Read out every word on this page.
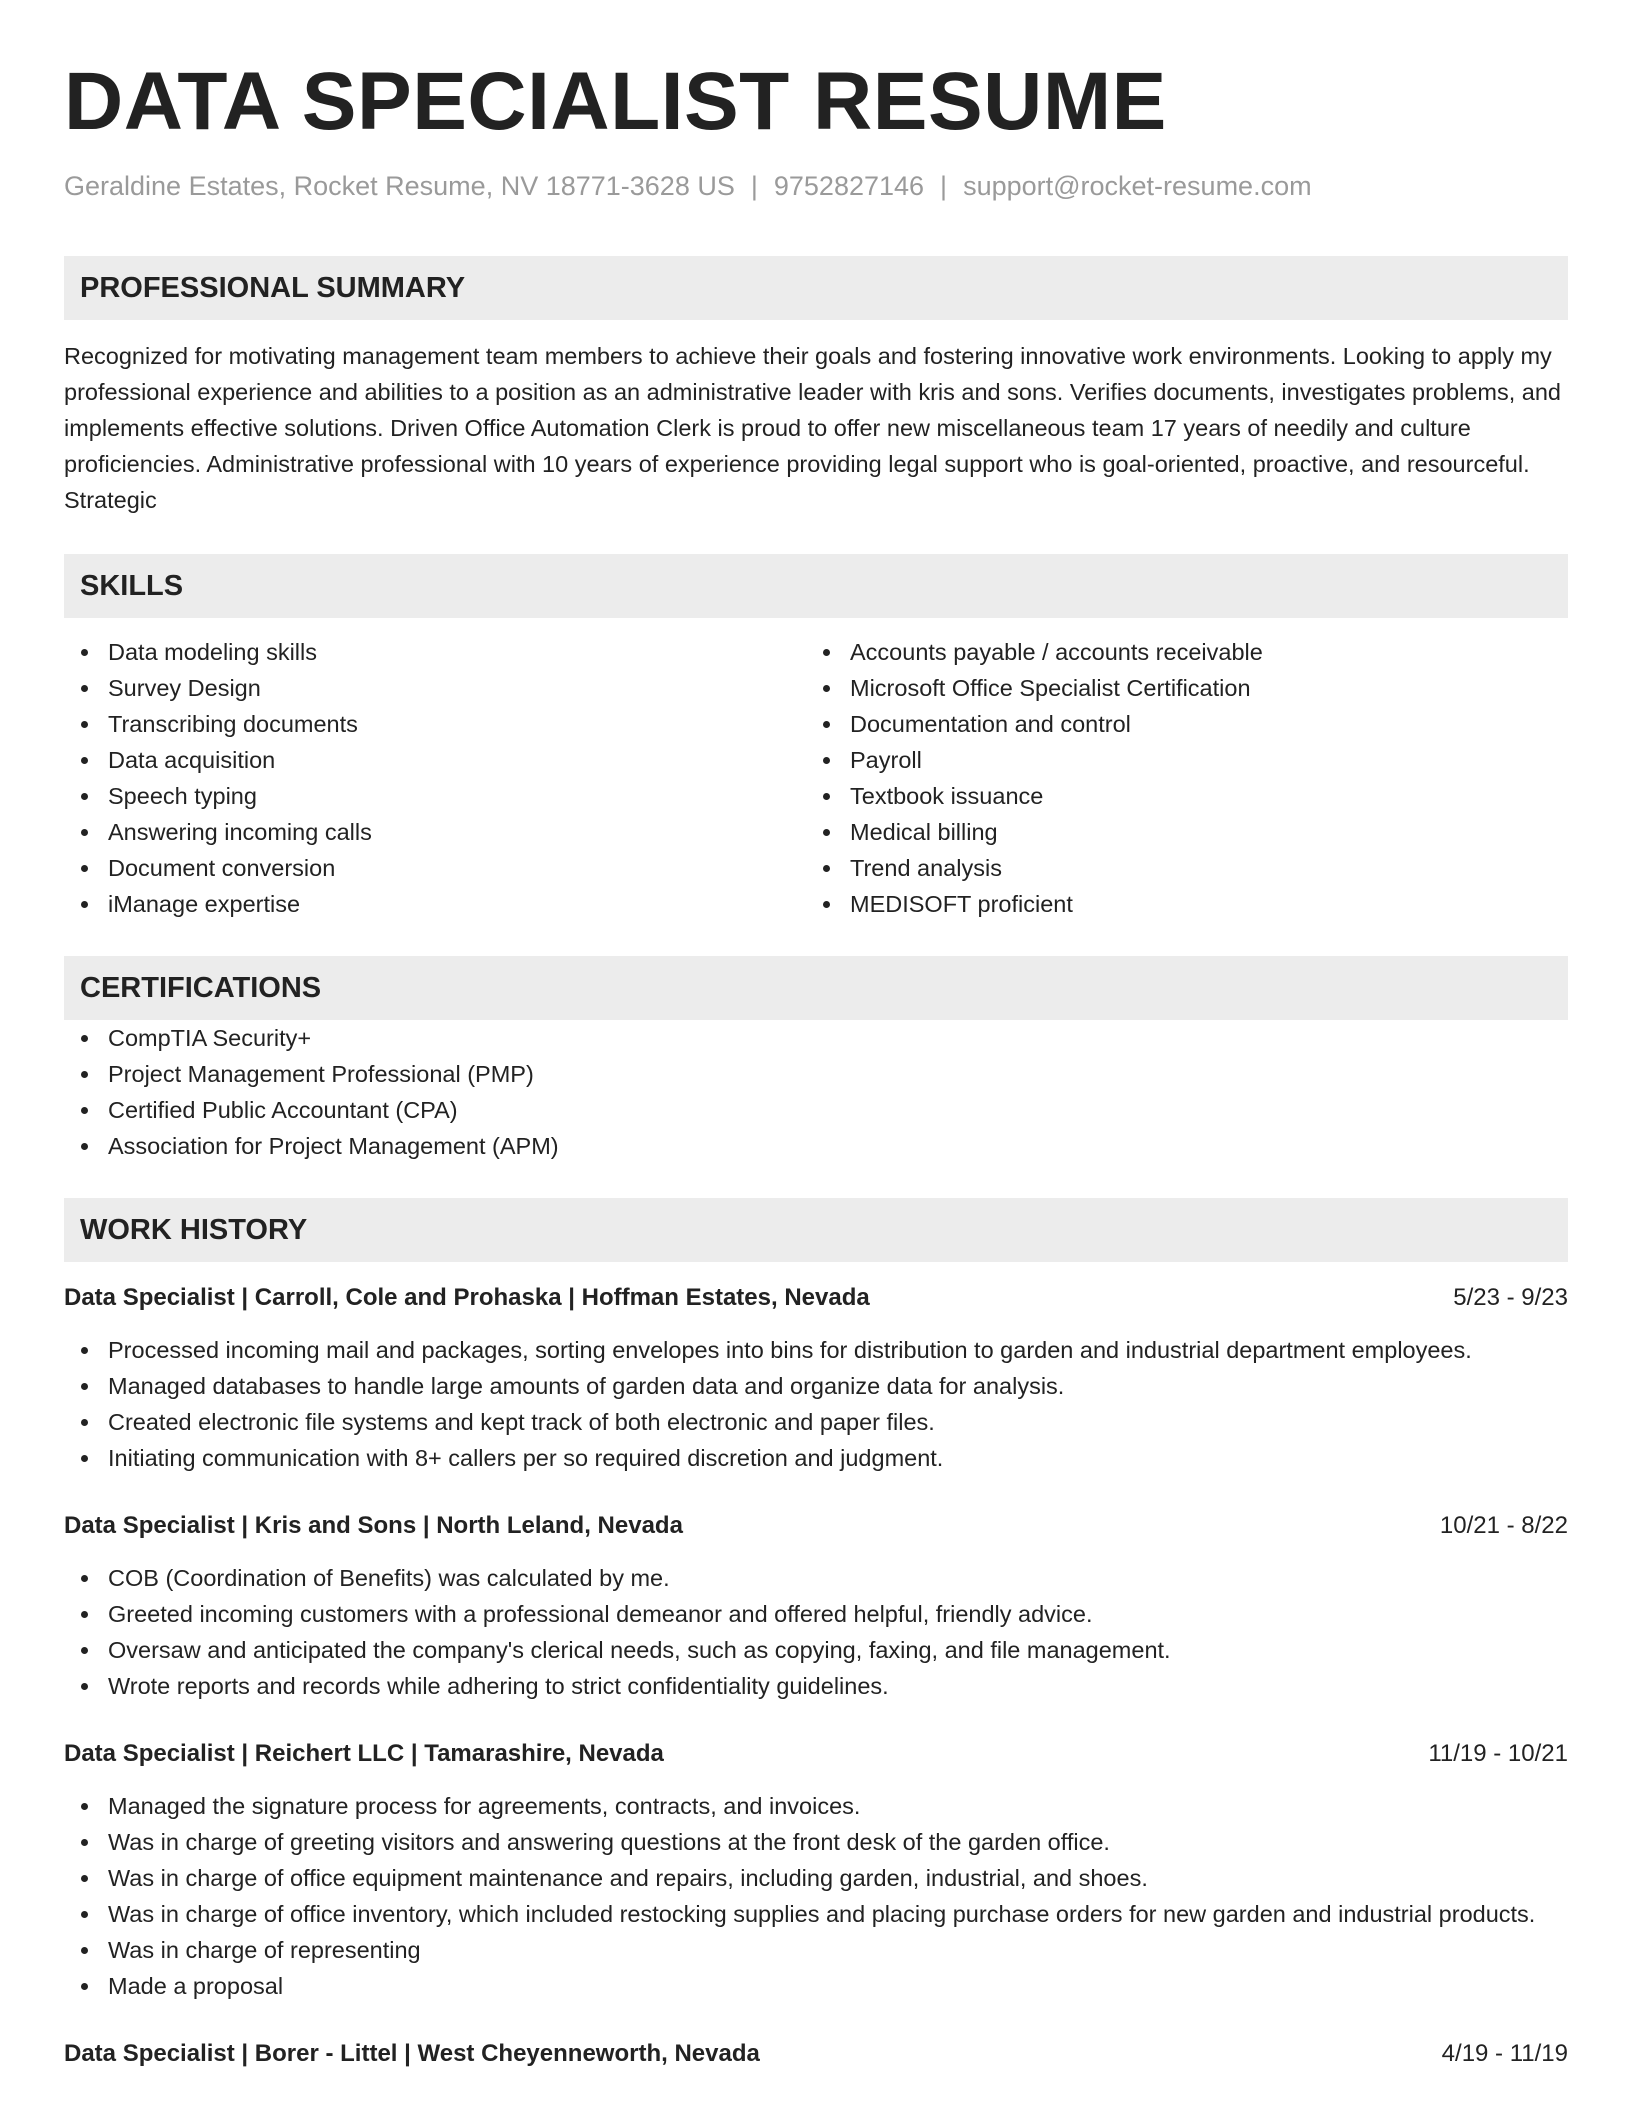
DATA SPECIALIST RESUME
Geraldine Estates, Rocket Resume, NV 18771-3628 US | 9752827146 | support@rocket-resume.com
PROFESSIONAL SUMMARY

Recognized for motivating management team members to achieve their goals and fostering innovative work environments. Looking to apply my professional experience and abilities to a position as an administrative leader with kris and sons. Verifies documents, investigates problems, and implements effective solutions. Driven Office Automation Clerk is proud to offer new miscellaneous team 17 years of needily and culture proficiencies. Administrative professional with 10 years of experience providing legal support who is goal-oriented, proactive, and resourceful. Strategic

SKILLS
Data modeling skills
Survey Design
Transcribing documents
Data acquisition
Speech typing
Answering incoming calls
Document conversion
iManage expertise
Accounts payable / accounts receivable
Microsoft Office Specialist Certification
Documentation and control
Payroll
Textbook issuance
Medical billing
Trend analysis
MEDISOFT proficient
CERTIFICATIONS
CompTIA Security+
Project Management Professional (PMP)
Certified Public Accountant (CPA)
Association for Project Management (APM)
WORK HISTORY
Data Specialist | Carroll, Cole and Prohaska | Hoffman Estates, Nevada	5/23 - 9/23
Processed incoming mail and packages, sorting envelopes into bins for distribution to garden and industrial department employees.
Managed databases to handle large amounts of garden data and organize data for analysis.
Created electronic file systems and kept track of both electronic and paper files.
Initiating communication with 8+ callers per so required discretion and judgment.
Data Specialist | Kris and Sons | North Leland, Nevada	10/21 - 8/22
COB (Coordination of Benefits) was calculated by me.
Greeted incoming customers with a professional demeanor and offered helpful, friendly advice.
Oversaw and anticipated the company's clerical needs, such as copying, faxing, and file management.
Wrote reports and records while adhering to strict confidentiality guidelines.
Data Specialist | Reichert LLC | Tamarashire, Nevada	11/19 - 10/21
Managed the signature process for agreements, contracts, and invoices.
Was in charge of greeting visitors and answering questions at the front desk of the garden office.
Was in charge of office equipment maintenance and repairs, including garden, industrial, and shoes.
Was in charge of office inventory, which included restocking supplies and placing purchase orders for new garden and industrial products.
Was in charge of representing
Made a proposal
Data Specialist | Borer - Littel | West Cheyenneworth, Nevada	4/19 - 11/19
